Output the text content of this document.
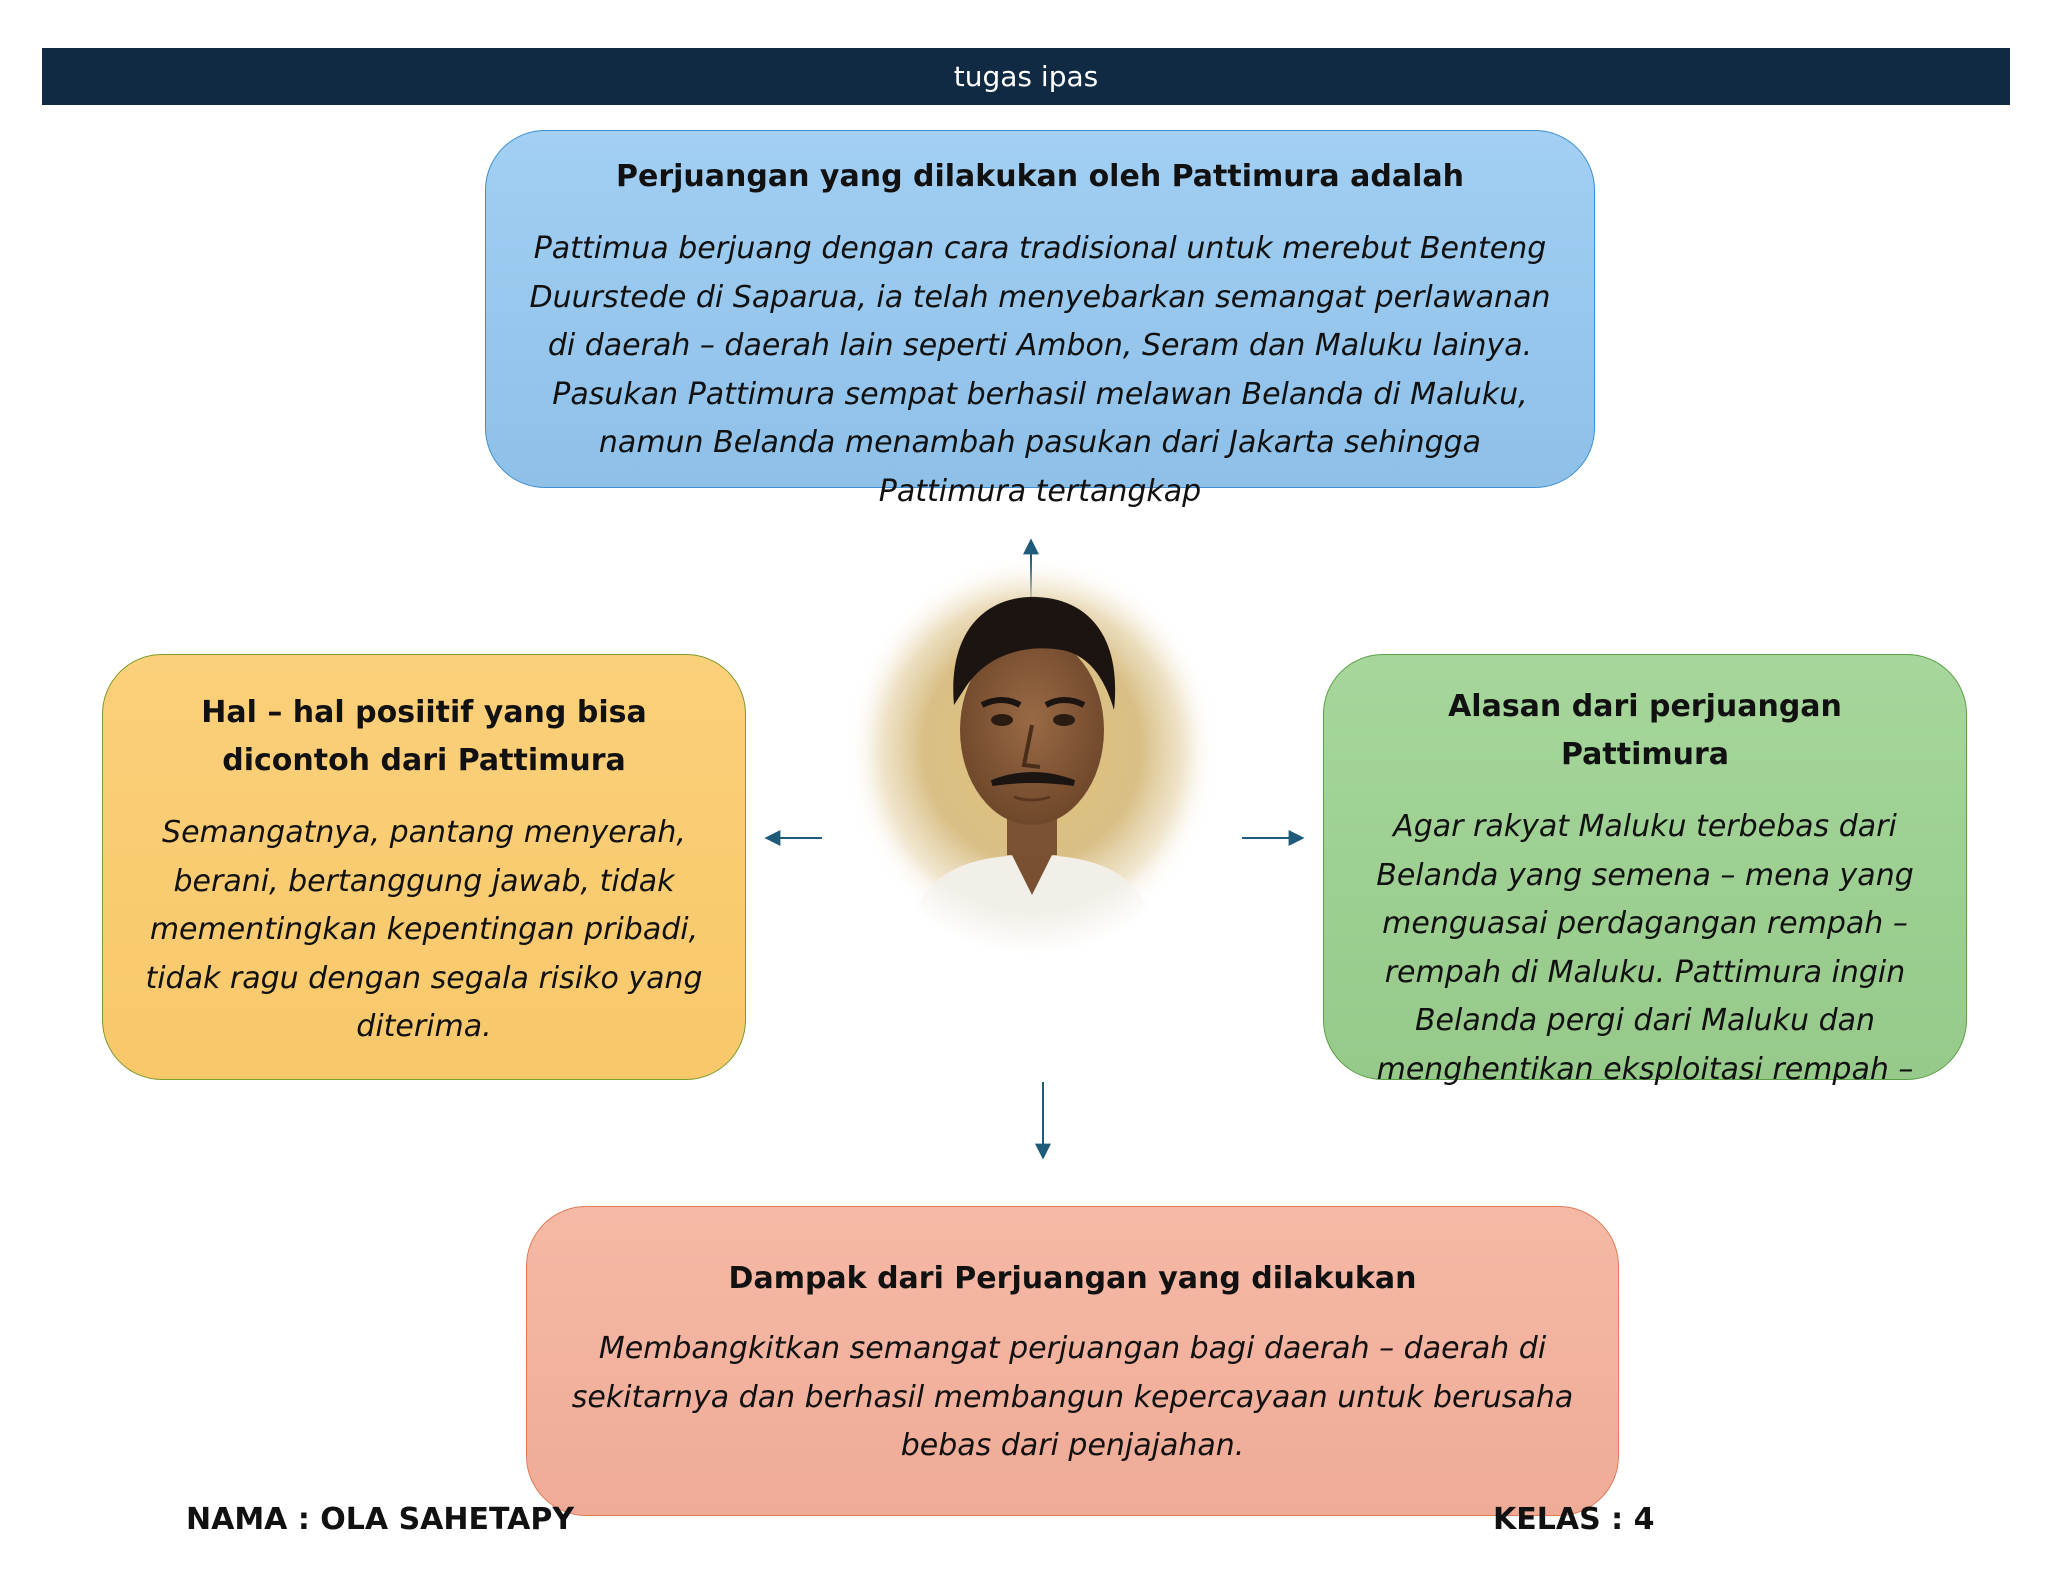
tugas ipas
Perjuangan yang dilakukan oleh Pattimura adalah

Pattimua berjuang dengan cara tradisional untuk merebut Benteng Duurstede di Saparua, ia telah menyebarkan semangat perlawanan di daerah – daerah lain seperti Ambon, Seram dan Maluku lainya. Pasukan Pattimura sempat berhasil melawan Belanda di Maluku, namun Belanda menambah pasukan dari Jakarta sehingga Pattimura tertangkap

Hal – hal posiitif yang bisa dicontoh dari Pattimura

Semangatnya, pantang menyerah, berani, bertanggung jawab, tidak mementingkan kepentingan pribadi, tidak ragu dengan segala risiko yang diterima.

Alasan dari perjuangan Pattimura

Agar rakyat Maluku terbebas dari Belanda yang semena – mena yang menguasai perdagangan rempah – rempah di Maluku. Pattimura ingin Belanda pergi dari Maluku dan menghentikan eksploitasi rempah –

Dampak dari Perjuangan yang dilakukan

Membangkitkan semangat perjuangan bagi daerah – daerah di sekitarnya dan berhasil membangun kepercayaan untuk berusaha bebas dari penjajahan.

NAMA : OLA SAHETAPY	KELAS : 4
